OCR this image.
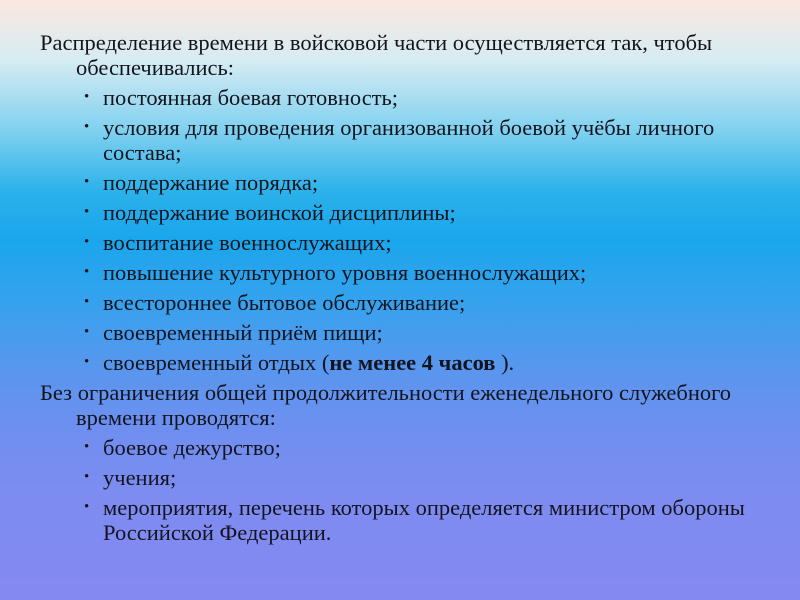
Распределение времени в войсковой части осуществляется так, чтобы обеспечивались:

• постоянная боевая готовность;
• условия для проведения организованной боевой учёбы личного состава;
• поддержание порядка;
• поддержание воинской дисциплины;
• воспитание военнослужащих;
• повышение культурного уровня военнослужащих;
• всестороннее бытовое обслуживание;
• своевременный приём пищи;
• своевременный отдых (не менее 4 часов ).

Без ограничения общей продолжительности еженедельного служебного времени проводятся:

• боевое дежурство;
• учения;
• мероприятия, перечень которых определяется министром обороны Российской Федерации.
